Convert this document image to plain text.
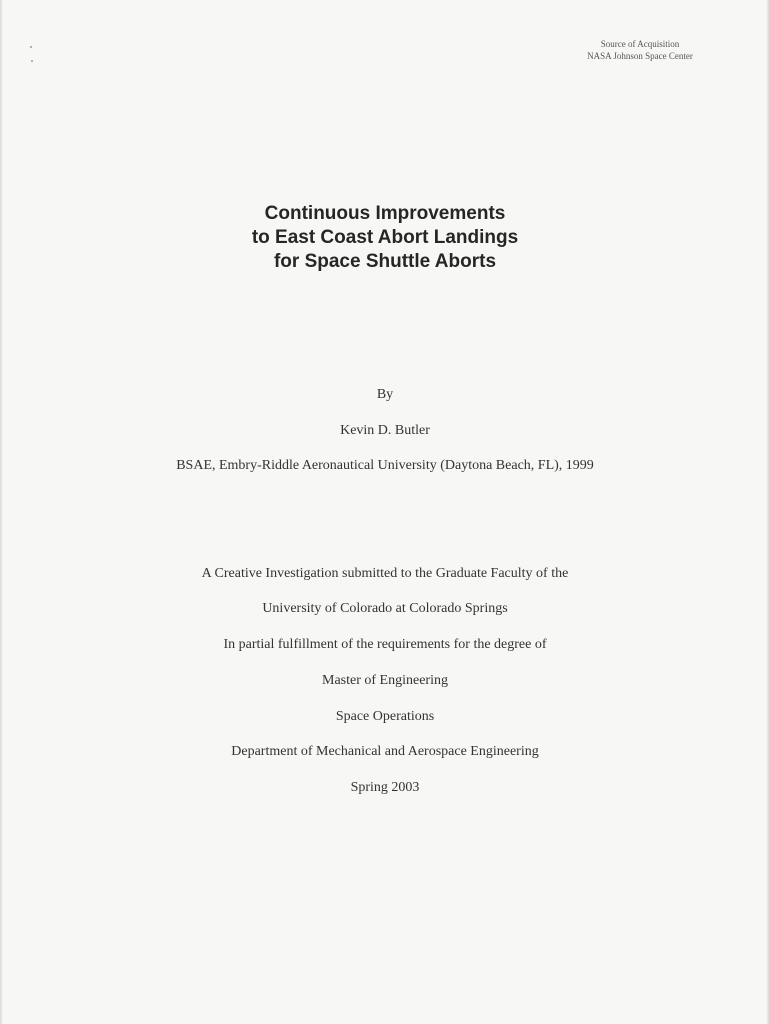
Source of Acquisition
NASA Johnson Space Center
Continuous Improvements
to East Coast Abort Landings
for Space Shuttle Aborts
By
Kevin D. Butler
BSAE, Embry-Riddle Aeronautical University (Daytona Beach, FL), 1999
A Creative Investigation submitted to the Graduate Faculty of the
University of Colorado at Colorado Springs
In partial fulfillment of the requirements for the degree of
Master of Engineering
Space Operations
Department of Mechanical and Aerospace Engineering
Spring 2003
